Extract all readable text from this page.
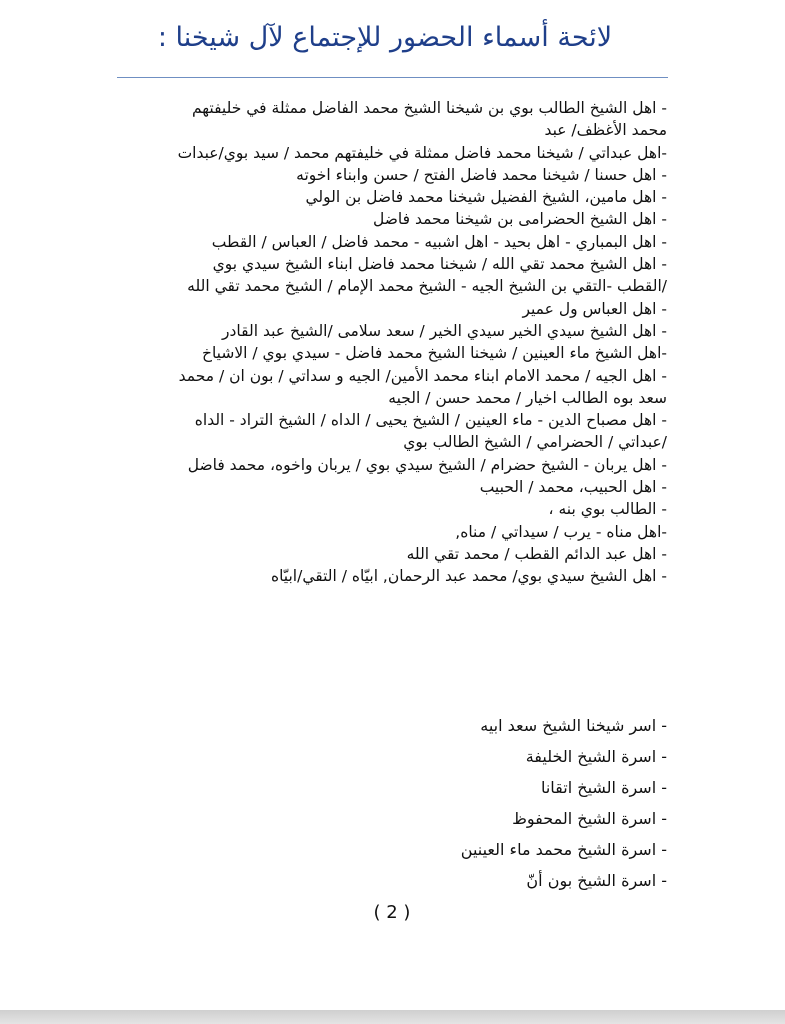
لائحة أسماء الحضور للإجتماع لآل شيخنا :
- اهل الشيخ الطالب بوي بن شيخنا الشيخ محمد الفاضل ممثلة في خليفتهم
محمد الأغظف/ عبد
-اهل عبداتي / شيخنا محمد فاضل ممثلة في خليفتهم محمد / سيد بوي/عبدات
- اهل حسنا / شيخنا محمد فاضل الفتح / حسن وابناء اخوته
- اهل مامين، الشيخ الفضيل شيخنا محمد فاضل بن الولي
- اهل الشيخ الحضرامى بن شيخنا محمد فاضل
- اهل البمباري - اهل بحيد - اهل اشبيه - محمد فاضل / العباس / القطب
- اهل الشيخ محمد تقي الله / شيخنا محمد فاضل ابناء الشيخ سيدي بوي
/القطب -التقي بن الشيخ الجيه - الشيخ محمد الإمام / الشيخ محمد تقي الله
- اهل العباس ول عمير
- اهل الشيخ سيدي الخير سيدي الخير / سعد سلامى /الشيخ عبد القادر
-اهل الشيخ ماء العينين / شيخنا الشيخ محمد فاضل - سيدي بوي / الاشياخ
- اهل الجيه / محمد الامام ابناء محمد الأمين/ الجيه و سداتي / بون ان / محمد
سعد بوه الطالب اخيار / محمد حسن / الجيه
- اهل مصباح الدين - ماء العينين / الشيخ يحيى / الداه / الشيخ التراد - الداه
/عبداتي / الحضرامي / الشيخ الطالب بوي
- اهل يربان - الشيخ حضرام / الشيخ سيدي بوي / يربان واخوه، محمد فاضل
- اهل الحبيب، محمد / الحبيب
- الطالب بوي بنه ،
-اهل مناه - يرب / سيداتي / مناه,
- اهل عبد الدائم القطب / محمد تقي الله
- اهل الشيخ سيدي بوي/ محمد عبد الرحمان, ابيّاه / التقي/ابيّاه
- اسر شيخنا الشيخ سعد ابيه
- اسرة الشيخ الخليفة
- اسرة الشيخ اتقانا
- اسرة الشيخ المحفوظ
- اسرة الشيخ محمد ماء العينين
- اسرة الشيخ بون أنّ
( 2 )
